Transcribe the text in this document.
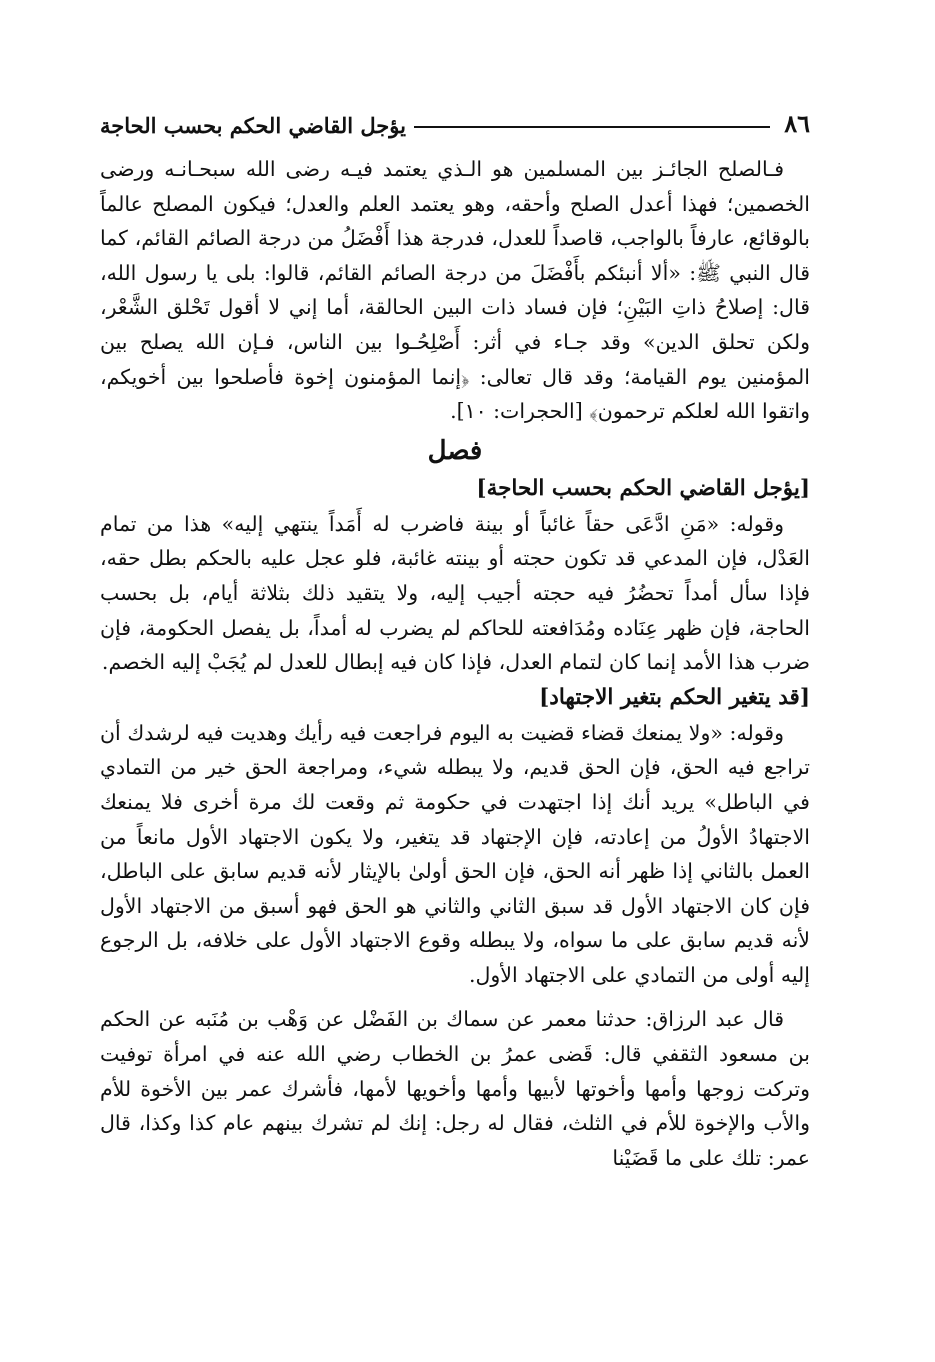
٨٦
يؤجل القاضي الحكم بحسب الحاجة

فـالصلح الجائـز بين المسلمين هو الـذي يعتمد فيـه رضى الله سبحـانـه ورضى الخصمين؛ فهذا أعدل الصلح وأحقه، وهو يعتمد العلم والعدل؛ فيكون المصلح عالماً بالوقائع، عارفاً بالواجب، قاصداً للعدل، فدرجة هذا أَفْضَلُ من درجة الصائم القائم، كما قال النبي ﷺ: «ألا أنبئكم بأَفْضَلَ من درجة الصائم القائم، قالوا: بلى يا رسول الله، قال: إصلاحُ ذاتِ البَيْنِ؛ فإن فساد ذات البين الحالقة، أما إني لا أقول تَحْلق الشَّعْر، ولكن تحلق الدين» وقد جـاء في أثر: أَصْلِحُـوا بين الناس، فـإن الله يصلح بين المؤمنين يوم القيامة؛ وقد قال تعالى: ﴿إنما المؤمنون إخوة فأصلحوا بين أخويكم، واتقوا الله لعلكم ترحمون﴾ [الحجرات: ١٠].

فصل
[يؤجل القاضي الحكم بحسب الحاجة]

وقوله: «مَنِ ادَّعَى حقاً غائباً أو بينة فاضرب له أَمَداً ينتهي إليه» هذا من تمام العَدْل، فإن المدعي قد تكون حجته أو بينته غائبة، فلو عجل عليه بالحكم بطل حقه، فإذا سأل أمداً تحضُرُ فيه حجته أجيب إليه، ولا يتقيد ذلك بثلاثة أيام، بل بحسب الحاجة، فإن ظهر عِنَاده ومُدَافعته للحاكم لم يضرب له أمداً، بل يفصل الحكومة، فإن ضرب هذا الأمد إنما كان لتمام العدل، فإذا كان فيه إبطال للعدل لم يُجَبْ إليه الخصم.

[قد يتغير الحكم بتغير الاجتهاد]

وقوله: «ولا يمنعك قضاء قضيت به اليوم فراجعت فيه رأيك وهديت فيه لرشدك أن تراجع فيه الحق، فإن الحق قديم، ولا يبطله شيء، ومراجعة الحق خير من التمادي في الباطل» يريد أنك إذا اجتهدت في حكومة ثم وقعت لك مرة أخرى فلا يمنعك الاجتهادُ الأولُ من إعادته، فإن الإجتهاد قد يتغير، ولا يكون الاجتهاد الأول مانعاً من العمل بالثاني إذا ظهر أنه الحق، فإن الحق أولىٰ بالإيثار لأنه قديم سابق على الباطل، فإن كان الاجتهاد الأول قد سبق الثاني والثاني هو الحق فهو أسبق من الاجتهاد الأول لأنه قديم سابق على ما سواه، ولا يبطله وقوع الاجتهاد الأول على خلافه، بل الرجوع إليه أولى من التمادي على الاجتهاد الأول.

قال عبد الرزاق: حدثنا معمر عن سماك بن الفَضْل عن وَهْب بن مُنَبه عن الحكم بن مسعود الثقفي قال: قَضى عمرُ بن الخطاب رضي الله عنه في امرأة توفيت وتركت زوجها وأمها وأخوتها لأبيها وأمها وأخويها لأمها، فأشرك عمر بين الأخوة للأم والأب والإخوة للأم في الثلث، فقال له رجل: إنك لم تشرك بينهم عام كذا وكذا، قال عمر: تلك على ما قَضَيْنا
